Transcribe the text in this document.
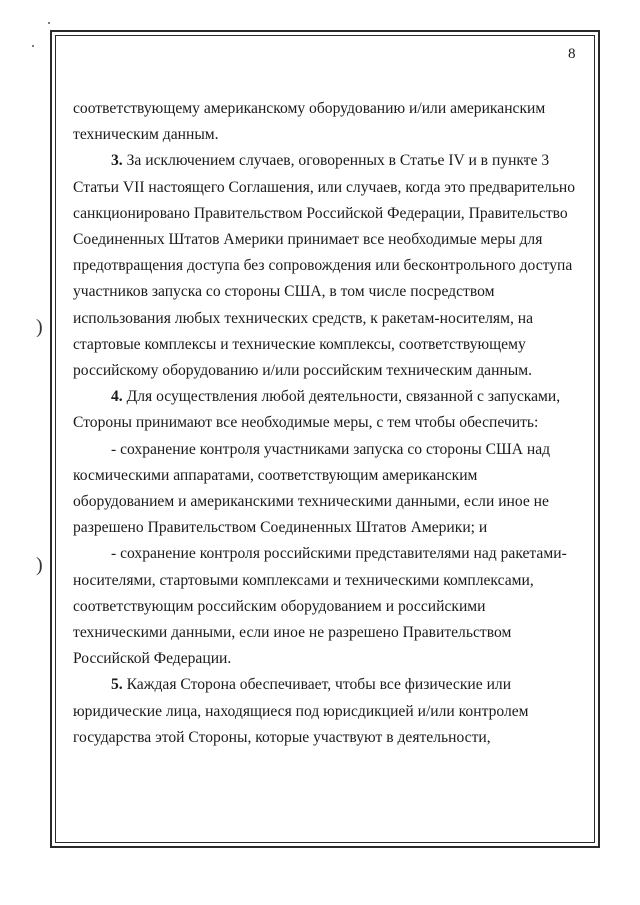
8
)
)

соответствующему американскому оборудованию и/или американским техническим данным.

3. За исключением случаев, оговоренных в Статье IV и в пункте 3 Статьи VII настоящего Соглашения, или случаев, когда это предварительно санкционировано Правительством Российской Федерации, Правительство Соединенных Штатов Америки принимает все необходимые меры для предотвращения доступа без сопровождения или бесконтрольного доступа участников запуска со стороны США, в том числе посредством использования любых технических средств, к ракетам-носителям, на стартовые комплексы и технические комплексы, соответствующему российскому оборудованию и/или российским техническим данным.

4. Для осуществления любой деятельности, связанной с запусками, Стороны принимают все необходимые меры, с тем чтобы обеспечить:

- сохранение контроля участниками запуска со стороны США над космическими аппаратами, соответствующим американским оборудованием и американскими техническими данными, если иное не разрешено Правительством Соединенных Штатов Америки; и

- сохранение контроля российскими представителями над ракетами-носителями, стартовыми комплексами и техническими комплексами, соответствующим российским оборудованием и российскими техническими данными, если иное не разрешено Правительством Российской Федерации.

5. Каждая Сторона обеспечивает, чтобы все физические или юридические лица, находящиеся под юрисдикцией и/или контролем государства этой Стороны, которые участвуют в деятельности,
